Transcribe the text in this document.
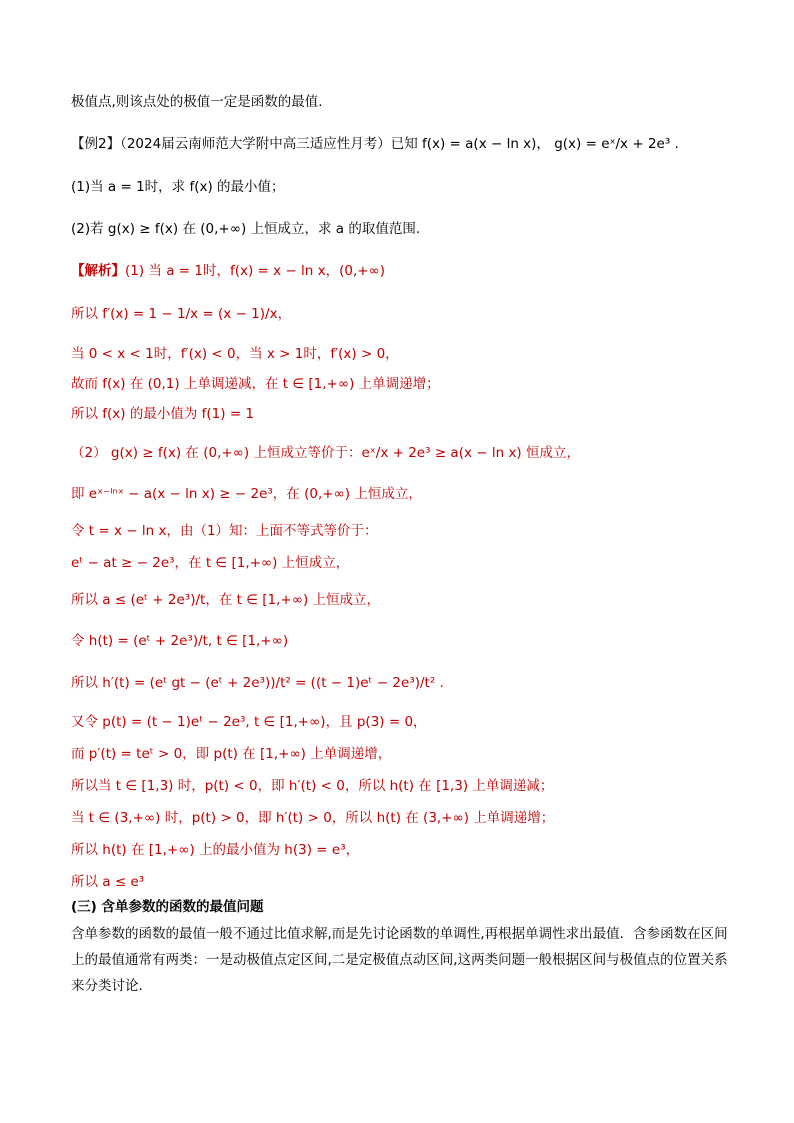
极值点,则该点处的极值一定是函数的最值.
【例2】（2024届云南师范大学附中高三适应性月考）已知 f(x) = a(x − ln x)， g(x) = eˣ/x + 2e³ .
(1)当 a = 1时，求 f(x) 的最小值；
(2)若 g(x) ≥ f(x) 在 (0,+∞) 上恒成立，求 a 的取值范围.
【解析】(1) 当 a = 1时，f(x) = x − ln x，(0,+∞)
所以 f′(x) = 1 − 1/x = (x − 1)/x，
当 0 < x < 1时，f′(x) < 0，当 x > 1时，f′(x) > 0，
故而 f(x) 在 (0,1) 上单调递减，在 t ∈ [1,+∞) 上单调递增；
所以 f(x) 的最小值为 f(1) = 1
（2） g(x) ≥ f(x) 在 (0,+∞) 上恒成立等价于：eˣ/x + 2e³ ≥ a(x − ln x) 恒成立，
即 eˣ⁻ˡⁿˣ − a(x − ln x) ≥ − 2e³，在 (0,+∞) 上恒成立，
令 t = x − ln x，由（1）知：上面不等式等价于：
eᵗ − at ≥ − 2e³，在 t ∈ [1,+∞) 上恒成立，
所以 a ≤ (eᵗ + 2e³)/t，在 t ∈ [1,+∞) 上恒成立，
令 h(t) = (eᵗ + 2e³)/t, t ∈ [1,+∞)
所以 h′(t) = (eᵗ gt − (eᵗ + 2e³))/t² = ((t − 1)eᵗ − 2e³)/t² .
又令 p(t) = (t − 1)eᵗ − 2e³, t ∈ [1,+∞)，且 p(3) = 0，
而 p′(t) = teᵗ > 0，即 p(t) 在 [1,+∞) 上单调递增，
所以当 t ∈ [1,3) 时，p(t) < 0，即 h′(t) < 0，所以 h(t) 在 [1,3) 上单调递减；
当 t ∈ (3,+∞) 时，p(t) > 0，即 h′(t) > 0，所以 h(t) 在 (3,+∞) 上单调递增；
所以 h(t) 在 [1,+∞) 上的最小值为 h(3) = e³，
所以 a ≤ e³
(三) 含单参数的函数的最值问题
含单参数的函数的最值一般不通过比值求解,而是先讨论函数的单调性,再根据单调性求出最值．含参函数在区间上的最值通常有两类：一是动极值点定区间,二是定极值点动区间,这两类问题一般根据区间与极值点的位置关系来分类讨论．
